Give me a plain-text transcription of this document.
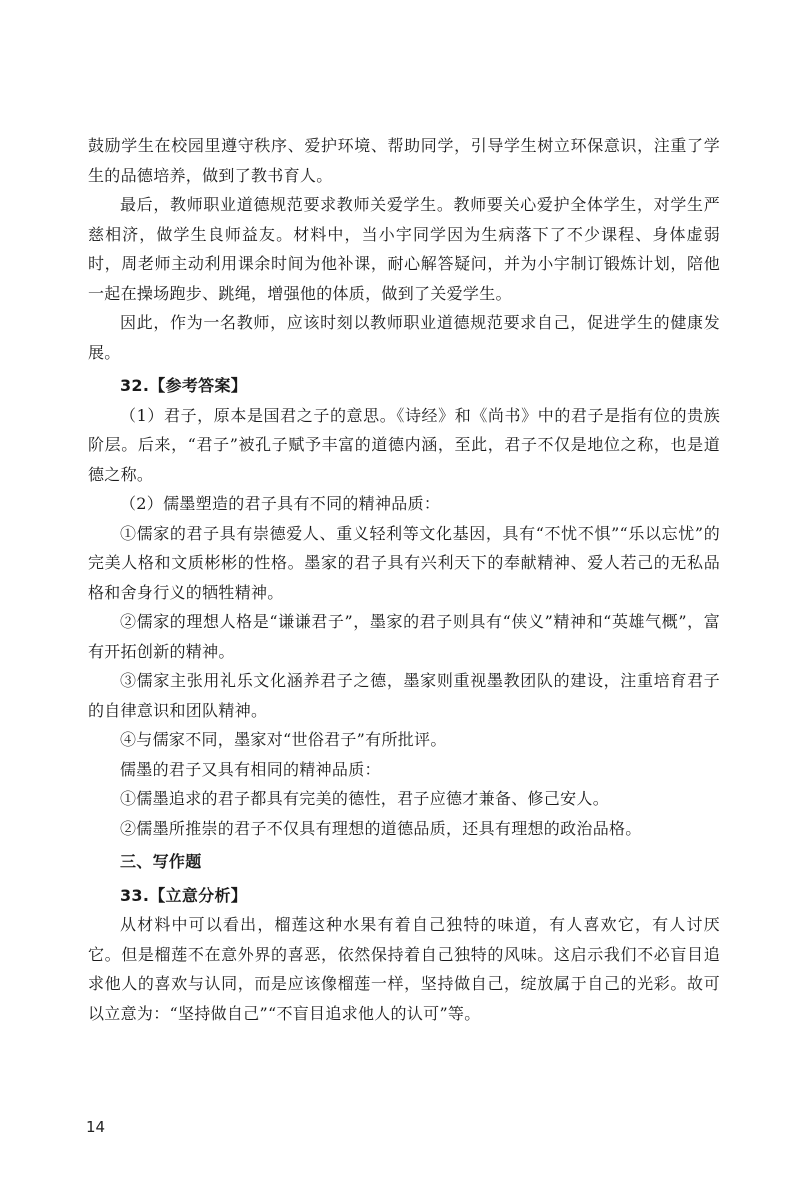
鼓励学生在校园里遵守秩序、爱护环境、帮助同学，引导学生树立环保意识，注重了学生的品德培养，做到了教书育人。

最后，教师职业道德规范要求教师关爱学生。教师要关心爱护全体学生，对学生严慈相济，做学生良师益友。材料中，当小宇同学因为生病落下了不少课程、身体虚弱时，周老师主动利用课余时间为他补课，耐心解答疑问，并为小宇制订锻炼计划，陪他一起在操场跑步、跳绳，增强他的体质，做到了关爱学生。

因此，作为一名教师，应该时刻以教师职业道德规范要求自己，促进学生的健康发展。

32.【参考答案】

（1）君子，原本是国君之子的意思。《诗经》和《尚书》中的君子是指有位的贵族阶层。后来，“君子”被孔子赋予丰富的道德内涵，至此，君子不仅是地位之称，也是道德之称。

（2）儒墨塑造的君子具有不同的精神品质：

①儒家的君子具有崇德爱人、重义轻利等文化基因，具有“不忧不惧”“乐以忘忧”的完美人格和文质彬彬的性格。墨家的君子具有兴利天下的奉献精神、爱人若己的无私品格和舍身行义的牺牲精神。

②儒家的理想人格是“谦谦君子”，墨家的君子则具有“侠义”精神和“英雄气概”，富有开拓创新的精神。

③儒家主张用礼乐文化涵养君子之德，墨家则重视墨教团队的建设，注重培育君子的自律意识和团队精神。

④与儒家不同，墨家对“世俗君子”有所批评。

儒墨的君子又具有相同的精神品质：

①儒墨追求的君子都具有完美的德性，君子应德才兼备、修己安人。

②儒墨所推崇的君子不仅具有理想的道德品质，还具有理想的政治品格。

三、写作题

33.【立意分析】

从材料中可以看出，榴莲这种水果有着自己独特的味道，有人喜欢它，有人讨厌它。但是榴莲不在意外界的喜恶，依然保持着自己独特的风味。这启示我们不必盲目追求他人的喜欢与认同，而是应该像榴莲一样，坚持做自己，绽放属于自己的光彩。故可以立意为：“坚持做自己”“不盲目追求他人的认可”等。

14
